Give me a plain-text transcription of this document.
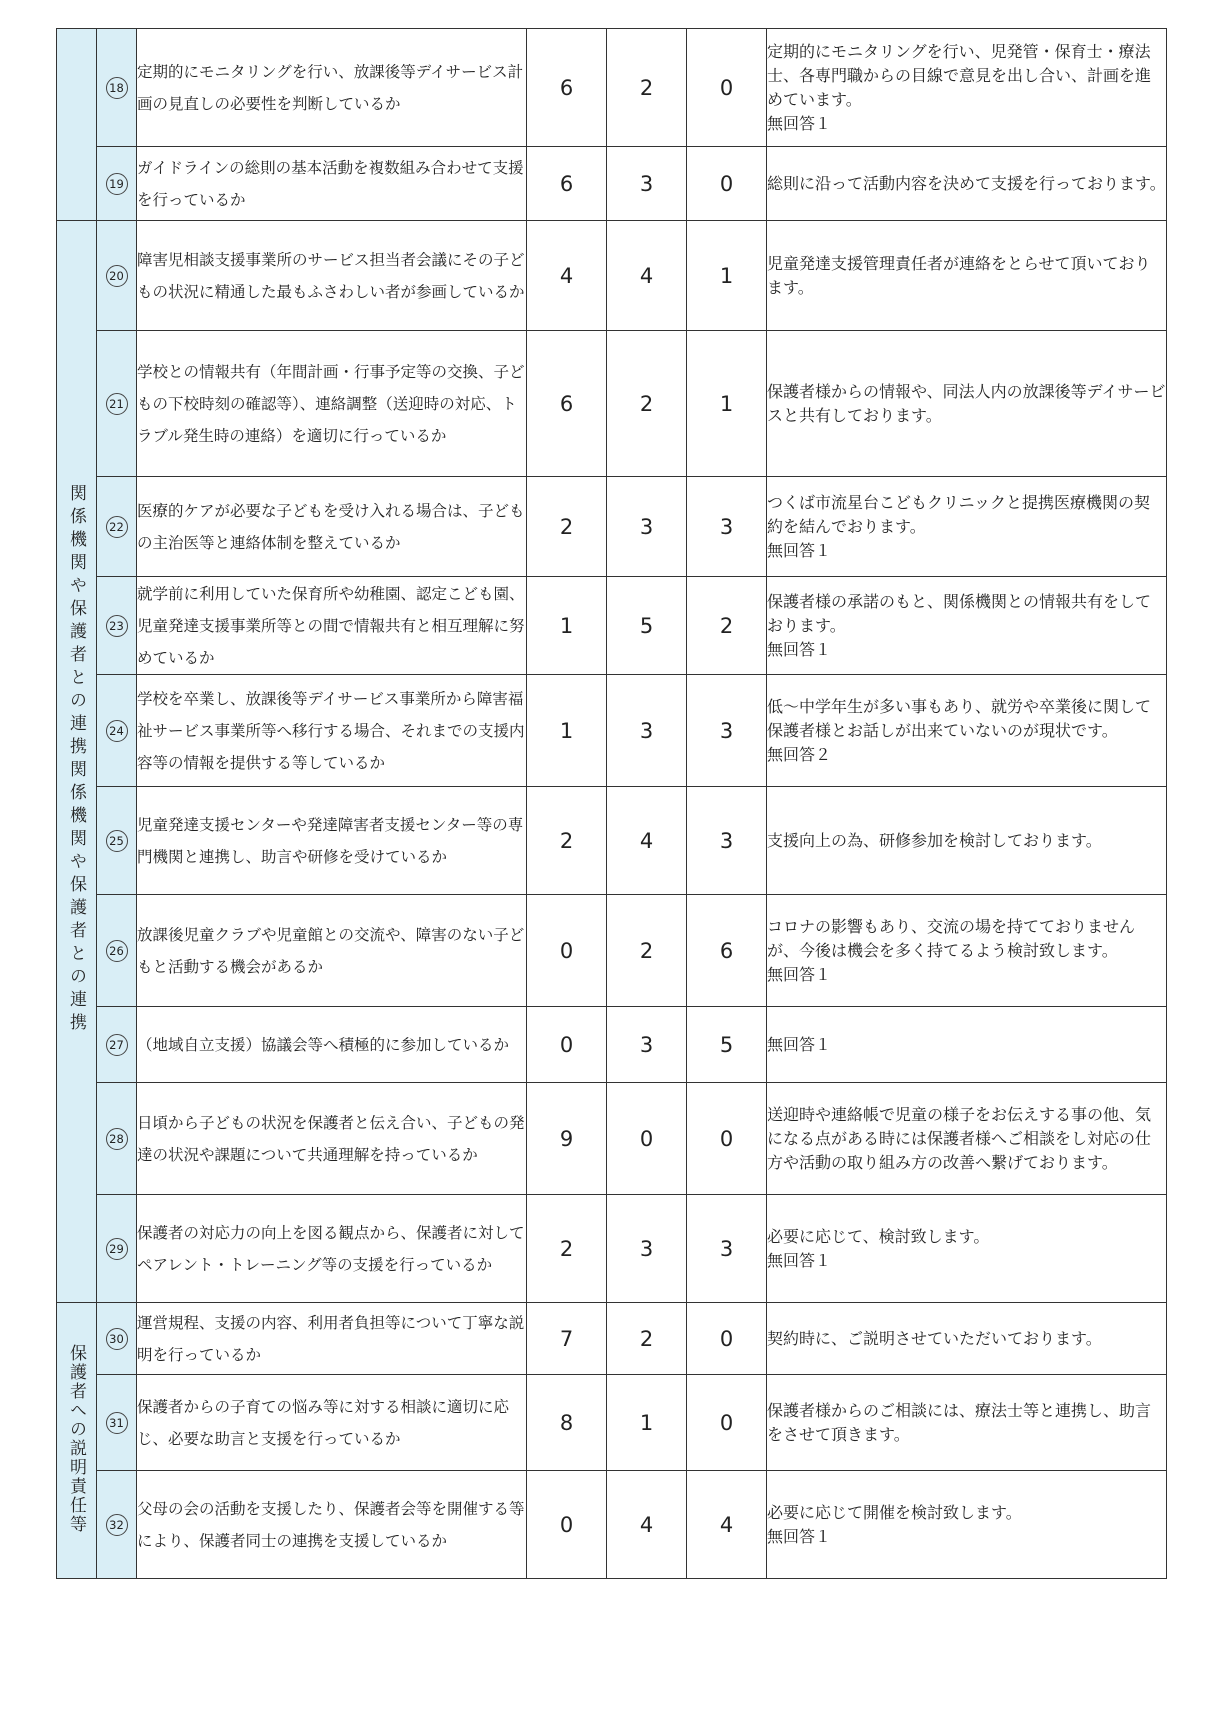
	18	定期的にモニタリングを行い、放課後等デイサービス計画の見直しの必要性を判断しているか	6	2	0	定期的にモニタリングを行い、児発管・保育士・療法士、各専門職からの目線で意見を出し合い、計画を進めています。
無回答１

	19	ガイドラインの総則の基本活動を複数組み合わせて支援を行っているか	6	3	0	総則に沿って活動内容を決めて支援を行っております。

関係機関や保護者との連携関係機関や保護者との連携	20	障害児相談支援事業所のサービス担当者会議にその子どもの状況に精通した最もふさわしい者が参画しているか	4	4	1	児童発達支援管理責任者が連絡をとらせて頂いております。

	21	学校との情報共有（年間計画・行事予定等の交換、子どもの下校時刻の確認等）、連絡調整（送迎時の対応、トラブル発生時の連絡）を適切に行っているか	6	2	1	保護者様からの情報や、同法人内の放課後等デイサービスと共有しております。

	22	医療的ケアが必要な子どもを受け入れる場合は、子どもの主治医等と連絡体制を整えているか	2	3	3	つくば市流星台こどもクリニックと提携医療機関の契約を結んでおります。
無回答１

	23	就学前に利用していた保育所や幼稚園、認定こども園、児童発達支援事業所等との間で情報共有と相互理解に努めているか	1	5	2	保護者様の承諾のもと、関係機関との情報共有をしております。
無回答１

	24	学校を卒業し、放課後等デイサービス事業所から障害福祉サービス事業所等へ移行する場合、それまでの支援内容等の情報を提供する等しているか	1	3	3	低～中学年生が多い事もあり、就労や卒業後に関して保護者様とお話しが出来ていないのが現状です。
無回答２

	25	児童発達支援センターや発達障害者支援センター等の専門機関と連携し、助言や研修を受けているか	2	4	3	支援向上の為、研修参加を検討しております。

	26	放課後児童クラブや児童館との交流や、障害のない子どもと活動する機会があるか	0	2	6	コロナの影響もあり、交流の場を持てておりませんが、今後は機会を多く持てるよう検討致します。
無回答１

	27	（地域自立支援）協議会等へ積極的に参加しているか	0	3	5	無回答１

	28	日頃から子どもの状況を保護者と伝え合い、子どもの発達の状況や課題について共通理解を持っているか	9	0	0	送迎時や連絡帳で児童の様子をお伝えする事の他、気になる点がある時には保護者様へご相談をし対応の仕方や活動の取り組み方の改善へ繋げております。

	29	保護者の対応力の向上を図る観点から、保護者に対してペアレント・トレーニング等の支援を行っているか	2	3	3	必要に応じて、検討致します。
無回答１

保護者への説明責任等	30	運営規程、支援の内容、利用者負担等について丁寧な説明を行っているか	7	2	0	契約時に、ご説明させていただいております。

	31	保護者からの子育ての悩み等に対する相談に適切に応じ、必要な助言と支援を行っているか	8	1	0	保護者様からのご相談には、療法士等と連携し、助言をさせて頂きます。

	32	父母の会の活動を支援したり、保護者会等を開催する等により、保護者同士の連携を支援しているか	0	4	4	必要に応じて開催を検討致します。
無回答１
